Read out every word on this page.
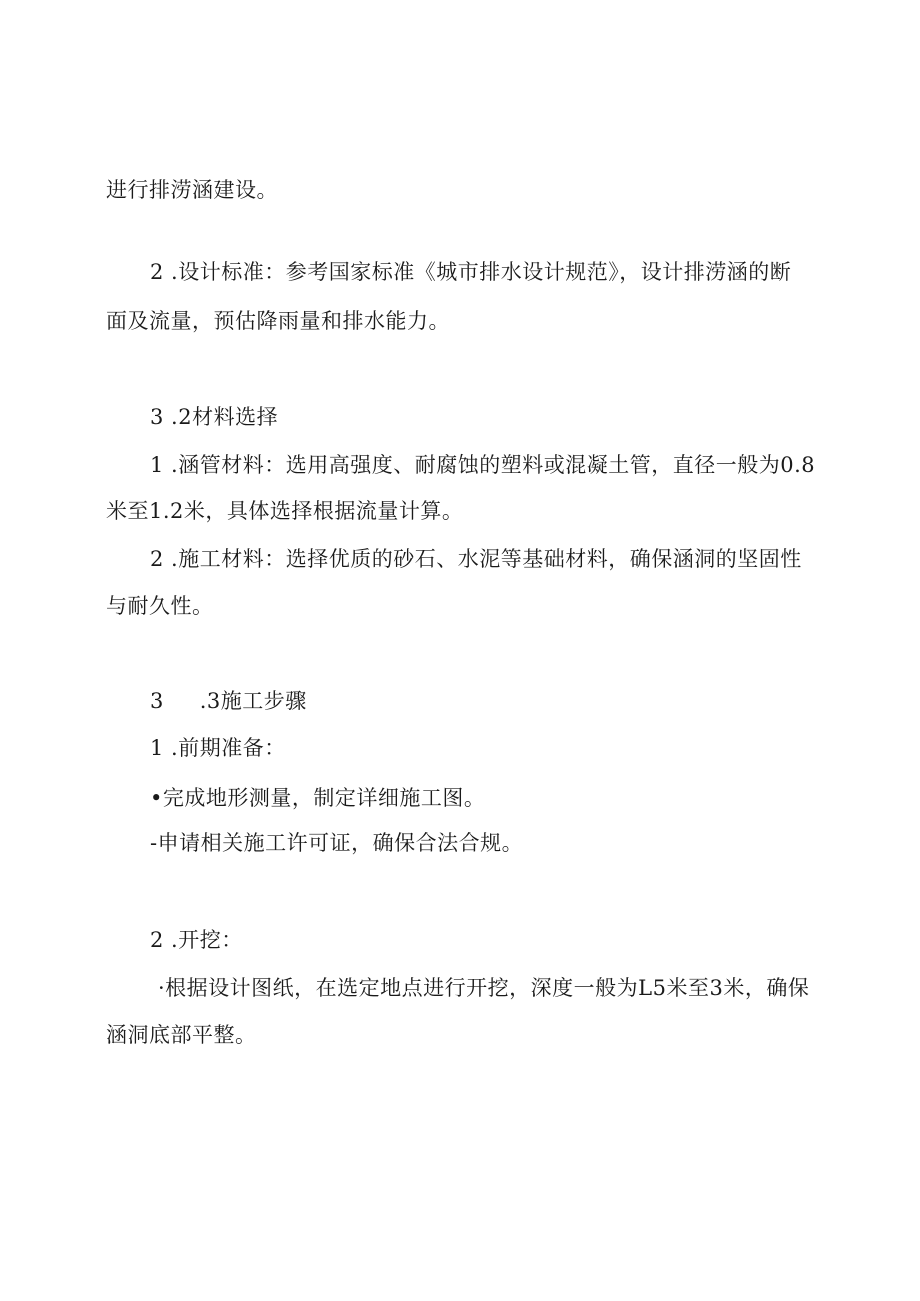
进行排涝涵建设。
2 .设计标准：参考国家标准《城市排水设计规范》，设计排涝涵的断
面及流量，预估降雨量和排水能力。
3 .2材料选择
1 .涵管材料：选用高强度、耐腐蚀的塑料或混凝土管，直径一般为0.8
米至1.2米，具体选择根据流量计算。
2 .施工材料：选择优质的砂石、水泥等基础材料，确保涵洞的坚固性
与耐久性。
3     .3施工步骤
1 .前期准备：
•完成地形测量，制定详细施工图。
-申请相关施工许可证，确保合法合规。
2 .开挖：
·根据设计图纸，在选定地点进行开挖，深度一般为L5米至3米，确保
涵洞底部平整。
